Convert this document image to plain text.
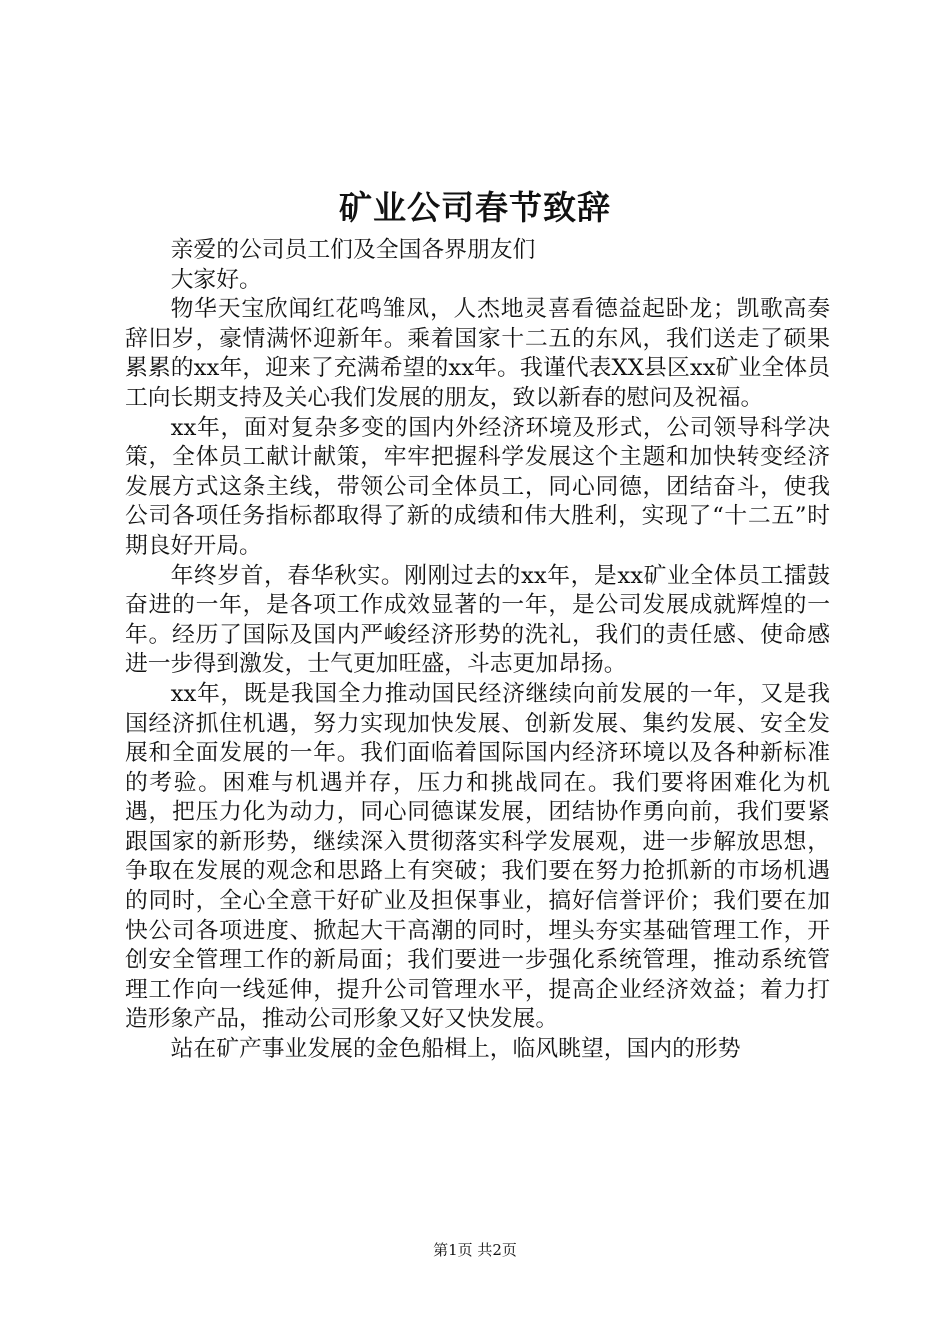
矿业公司春节致辞

亲爱的公司员工们及全国各界朋友们

大家好。

物华天宝欣闻红花鸣雏凤，人杰地灵喜看德益起卧龙；凯歌高奏辞旧岁，豪情满怀迎新年。乘着国家十二五的东风，我们送走了硕果累累的xx年，迎来了充满希望的xx年。我谨代表XX县区xx矿业全体员工向长期支持及关心我们发展的朋友，致以新春的慰问及祝福。

xx年，面对复杂多变的国内外经济环境及形式，公司领导科学决策，全体员工献计献策，牢牢把握科学发展这个主题和加快转变经济发展方式这条主线，带领公司全体员工，同心同德，团结奋斗，使我公司各项任务指标都取得了新的成绩和伟大胜利，实现了“十二五”时期良好开局。

年终岁首，春华秋实。刚刚过去的xx年，是xx矿业全体员工擂鼓奋进的一年，是各项工作成效显著的一年，是公司发展成就辉煌的一年。经历了国际及国内严峻经济形势的洗礼，我们的责任感、使命感进一步得到激发，士气更加旺盛，斗志更加昂扬。

xx年，既是我国全力推动国民经济继续向前发展的一年，又是我国经济抓住机遇，努力实现加快发展、创新发展、集约发展、安全发展和全面发展的一年。我们面临着国际国内经济环境以及各种新标准的考验。困难与机遇并存，压力和挑战同在。我们要将困难化为机遇，把压力化为动力，同心同德谋发展，团结协作勇向前，我们要紧跟国家的新形势，继续深入贯彻落实科学发展观，进一步解放思想，争取在发展的观念和思路上有突破；我们要在努力抢抓新的市场机遇的同时，全心全意干好矿业及担保事业，搞好信誉评价；我们要在加快公司各项进度、掀起大干高潮的同时，埋头夯实基础管理工作，开创安全管理工作的新局面；我们要进一步强化系统管理，推动系统管理工作向一线延伸，提升公司管理水平，提高企业经济效益；着力打造形象产品，推动公司形象又好又快发展。

站在矿产事业发展的金色船楫上，临风眺望，国内的形势

第1页 共2页
